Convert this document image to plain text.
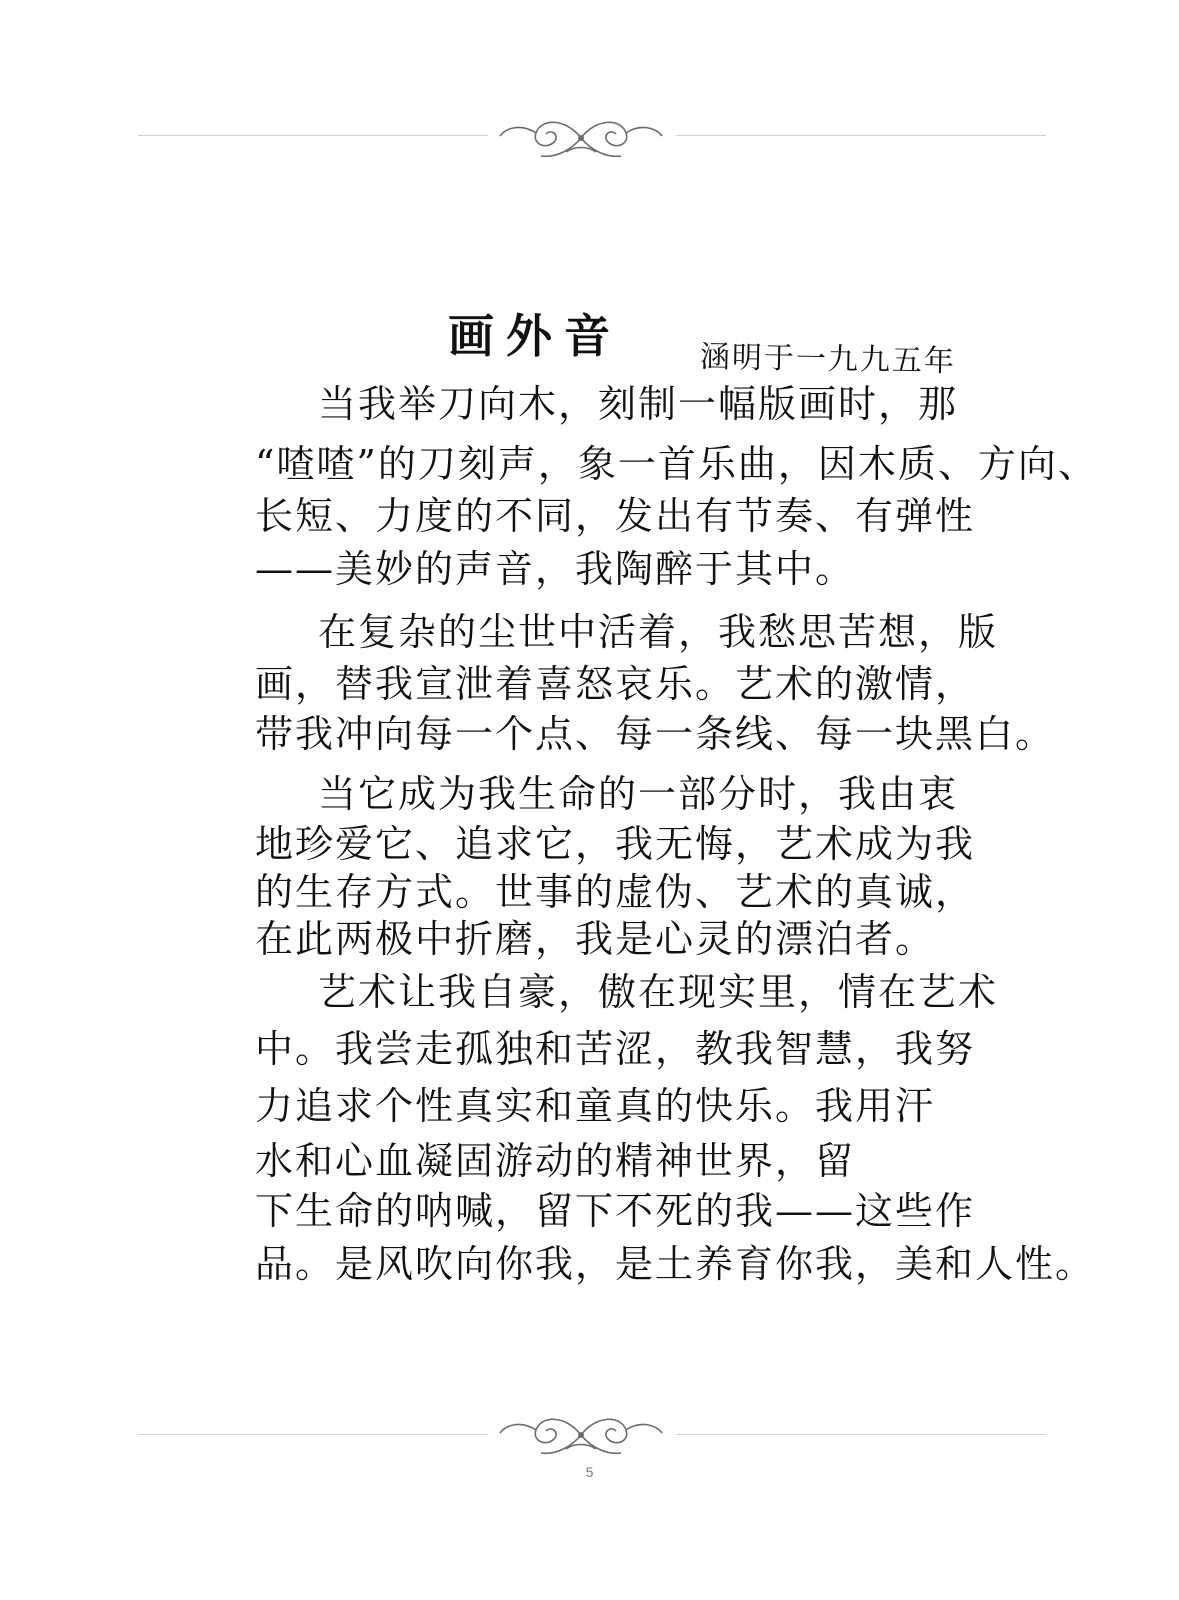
画外音	涵明于一九九五年
当我举刀向木，刻制一幅版画时，那
“喳喳”的刀刻声，象一首乐曲，因木质、方向、
长短、力度的不同，发出有节奏、有弹性
——美妙的声音，我陶醉于其中。
在复杂的尘世中活着，我愁思苦想，版
画，替我宣泄着喜怒哀乐。艺术的激情，
带我冲向每一个点、每一条线、每一块黑白。
当它成为我生命的一部分时，我由衷
地珍爱它、追求它，我无悔，艺术成为我
的生存方式。世事的虚伪、艺术的真诚，
在此两极中折磨，我是心灵的漂泊者。
艺术让我自豪，傲在现实里，情在艺术
中。我尝走孤独和苦涩，教我智慧，我努
力追求个性真实和童真的快乐。我用汗
水和心血凝固游动的精神世界，留
下生命的呐喊，留下不死的我——这些作
品。是风吹向你我，是土养育你我，美和人性。
5
